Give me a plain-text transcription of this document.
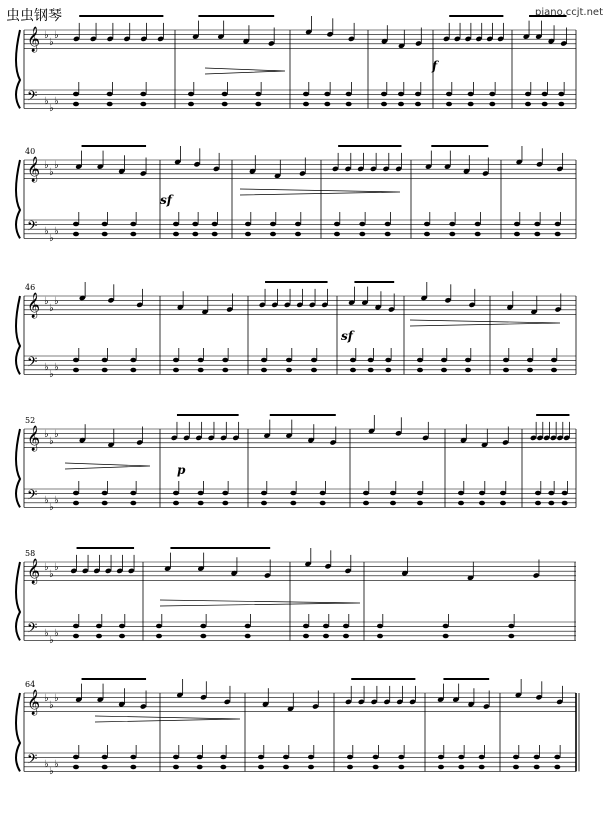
虫虫钢琴	piano.ccjt.net
𝄞 ♭
♭
♭
𝄢 ♭
♭
♭
𝄞 ♭
♭
♭
𝄢 ♭
♭
♭
40
𝄞 ♭
♭
♭
𝄢 ♭
♭
♭
46
𝄞 ♭
♭
♭
𝄢 ♭
♭
♭
52
𝄞 ♭
♭
♭
𝄢 ♭
♭
♭
58
𝄞 ♭
♭
♭
𝄢 ♭
♭
♭
64
f
sf
sf
p
